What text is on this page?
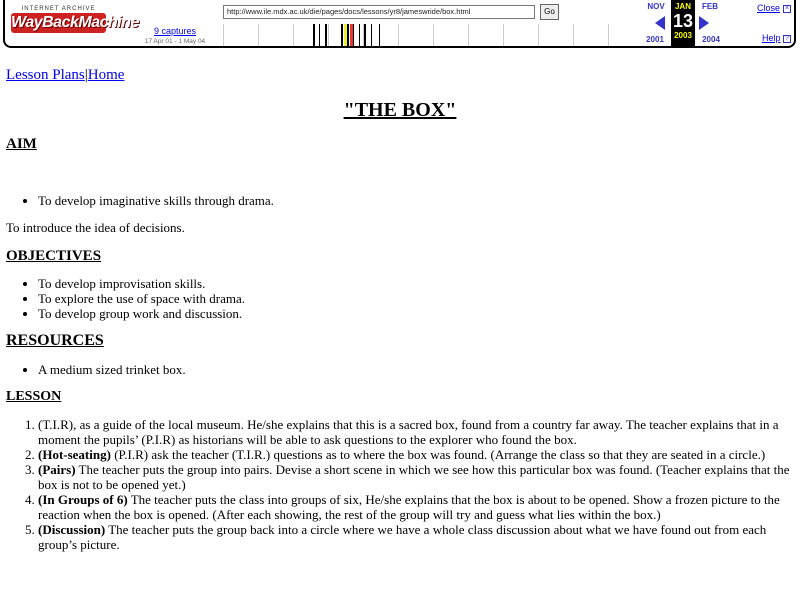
INTERNET ARCHIVE
WayBackMachine	9 captures
17 Apr 01 - 1 May 04
http://www.ile.mdx.ac.uk/die/pages/docs/lessons/yr8/jameswride/box.html	Go
NOV
2001
JAN
13
2003
FEB
2004
Close ×
Help ?
Lesson Plans|Home
"THE BOX"
AIM
• To develop imaginative skills through drama.
To introduce the idea of decisions.
OBJECTIVES
• To develop improvisation skills.
• To explore the use of space with drama.
• To develop group work and discussion.
RESOURCES
• A medium sized trinket box.
LESSON
1. (T.I.R), as a guide of the local museum. He/she explains that this is a sacred box, found from a country far away. The teacher explains that in a moment the pupils’ (P.I.R) as historians will be able to ask questions to the explorer who found the box.
2. (Hot-seating) (P.I.R) ask the teacher (T.I.R.) questions as to where the box was found. (Arrange the class so that they are seated in a circle.)
3. (Pairs) The teacher puts the group into pairs. Devise a short scene in which we see how this particular box was found. (Teacher explains that the box is not to be opened yet.)
4. (In Groups of 6) The teacher puts the class into groups of six, He/she explains that the box is about to be opened. Show a frozen picture to the reaction when the box is opened. (After each showing, the rest of the group will try and guess what lies within the box.)
5. (Discussion) The teacher puts the group back into a circle where we have a whole class discussion about what we have found out from each group’s picture.
